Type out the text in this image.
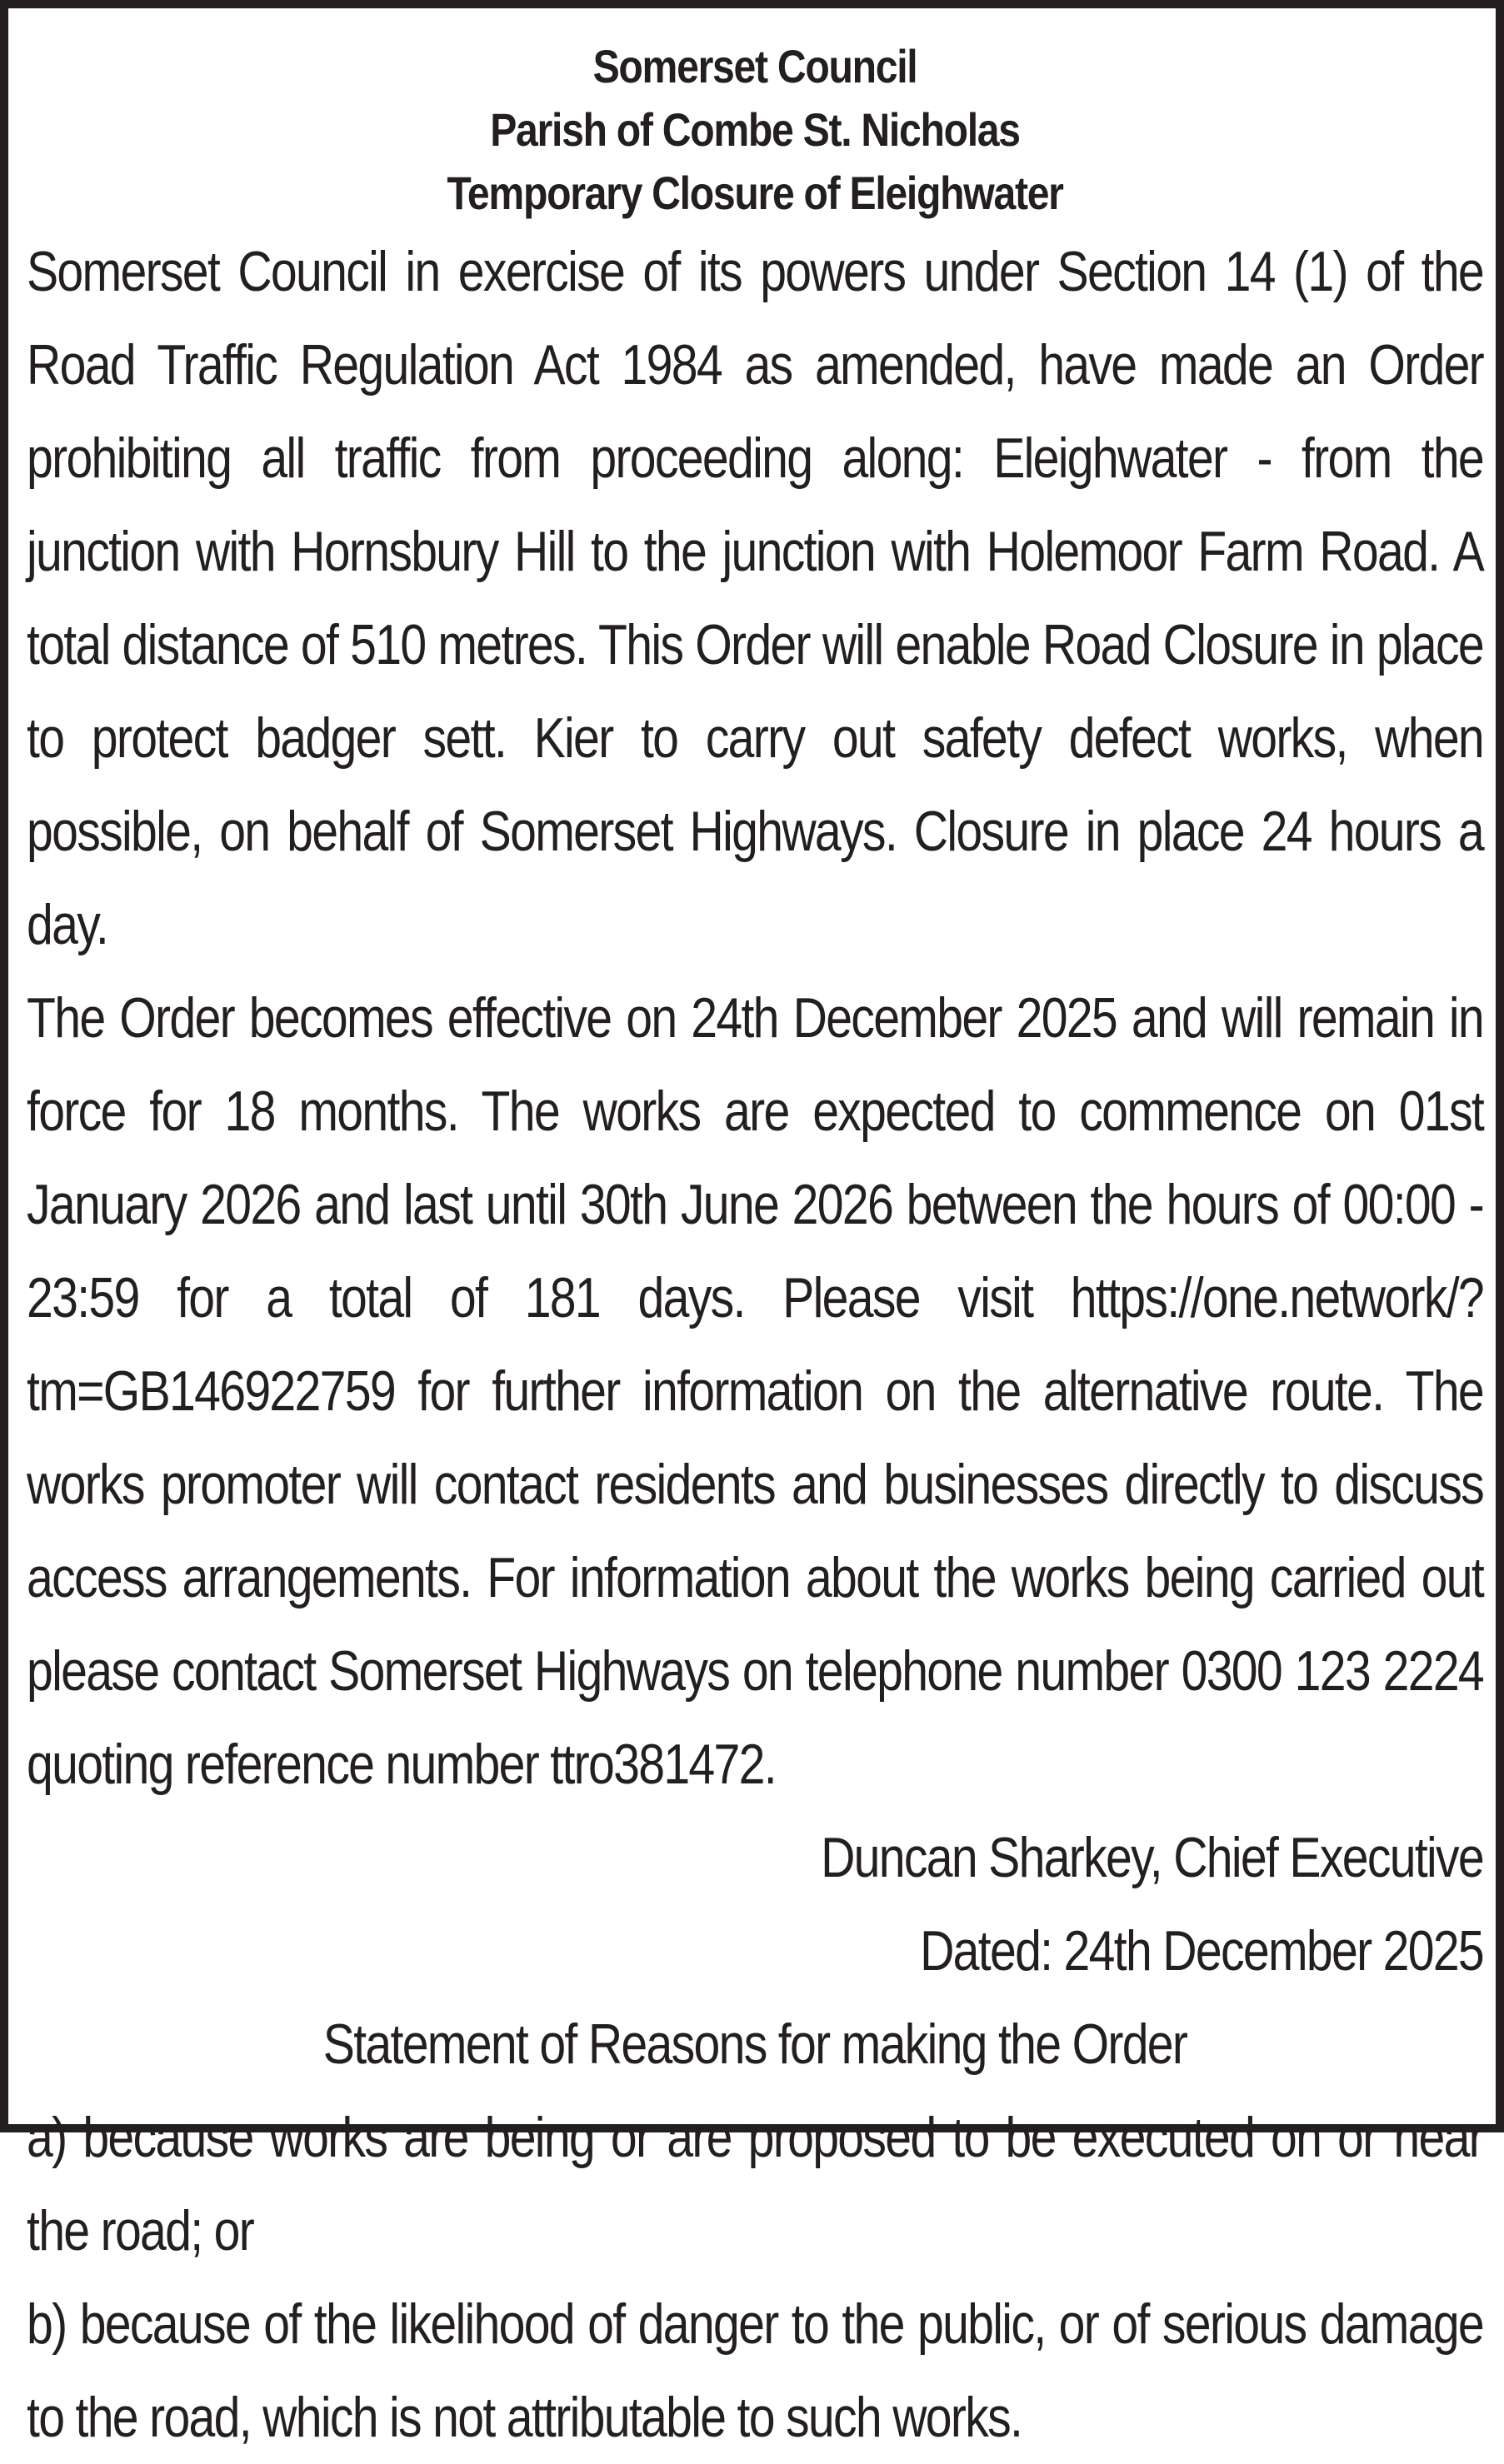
Somerset Council
Parish of Combe St. Nicholas
Temporary Closure of Eleighwater

Somerset Council in exercise of its powers under Section 14 (1) of the Road Traffic Regulation Act 1984 as amended, have made an Order prohibiting all traffic from proceeding along: Eleighwater - from the junction with Hornsbury Hill to the junction with Holemoor Farm Road. A total distance of 510 metres. This Order will enable Road Closure in place to protect badger sett. Kier to carry out safety defect works, when possible, on behalf of Somerset Highways. Closure in place 24 hours a day.

The Order becomes effective on 24th December 2025 and will remain in force for 18 months. The works are expected to commence on 01st January 2026 and last until 30th June 2026 between the hours of 00:00 - 23:59 for a total of 181 days. Please visit https://one.network/?tm=GB146922759 for further information on the alternative route. The works promoter will contact residents and businesses directly to discuss access arrangements. For information about the works being carried out please contact Somerset Highways on telephone number 0300 123 2224 quoting reference number ttro381472.

Duncan Sharkey, Chief Executive

Dated: 24th December 2025

Statement of Reasons for making the Order

a) because works are being or are proposed to be executed on or near the road; or

b) because of the likelihood of danger to the public, or of serious damage to the road, which is not attributable to such works.
